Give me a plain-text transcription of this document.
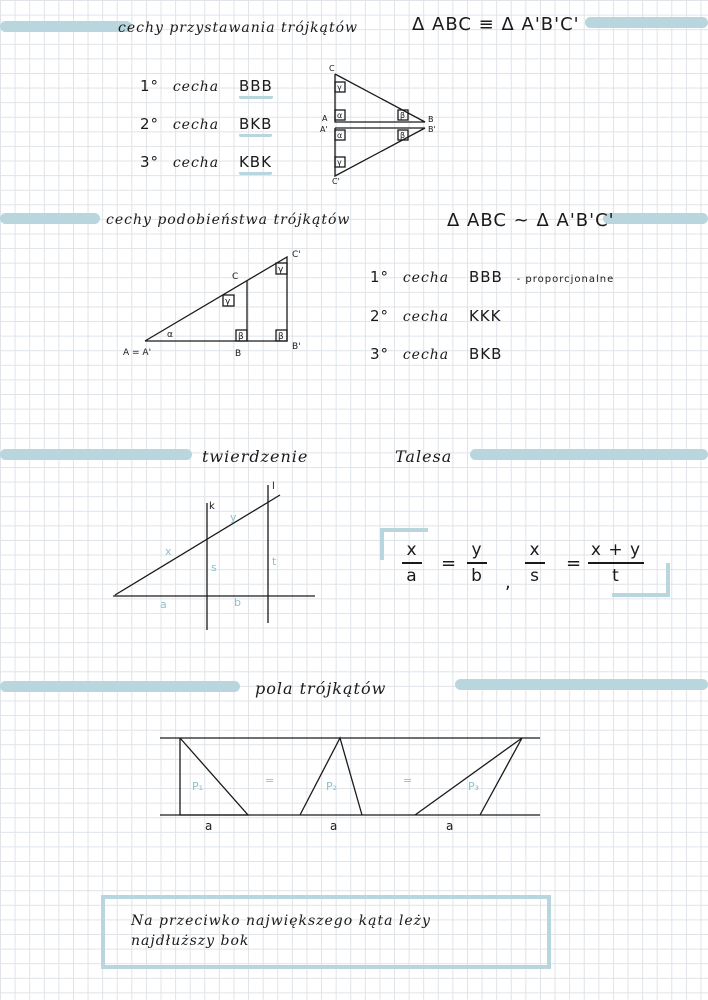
cechy przystawania trójkątów	Δ ABC ≡ Δ A'B'C'
1° cecha BBB
2° cecha BKB
3° cecha KBK
C
A	B
A'	B'
C'
γ
α	β
α	β
γ
cechy podobieństwa trójkątów	Δ ABC ~ Δ A'B'C'
A = A'	B
B'
C
C'
α
γ
γ
β	β
1° cecha BBB - proporcjonalne
2° cecha KKK
3° cecha BKB
twierdzenie	Talesa
k
l
x
y
s	t
a	b
x
a
=
y
b ,
x
s
=
x + y
t
pola trójkątów
P₁	P₂	P₃
=	=
a	a	a
Na przeciwko największego kąta leży
najdłuższy bok
